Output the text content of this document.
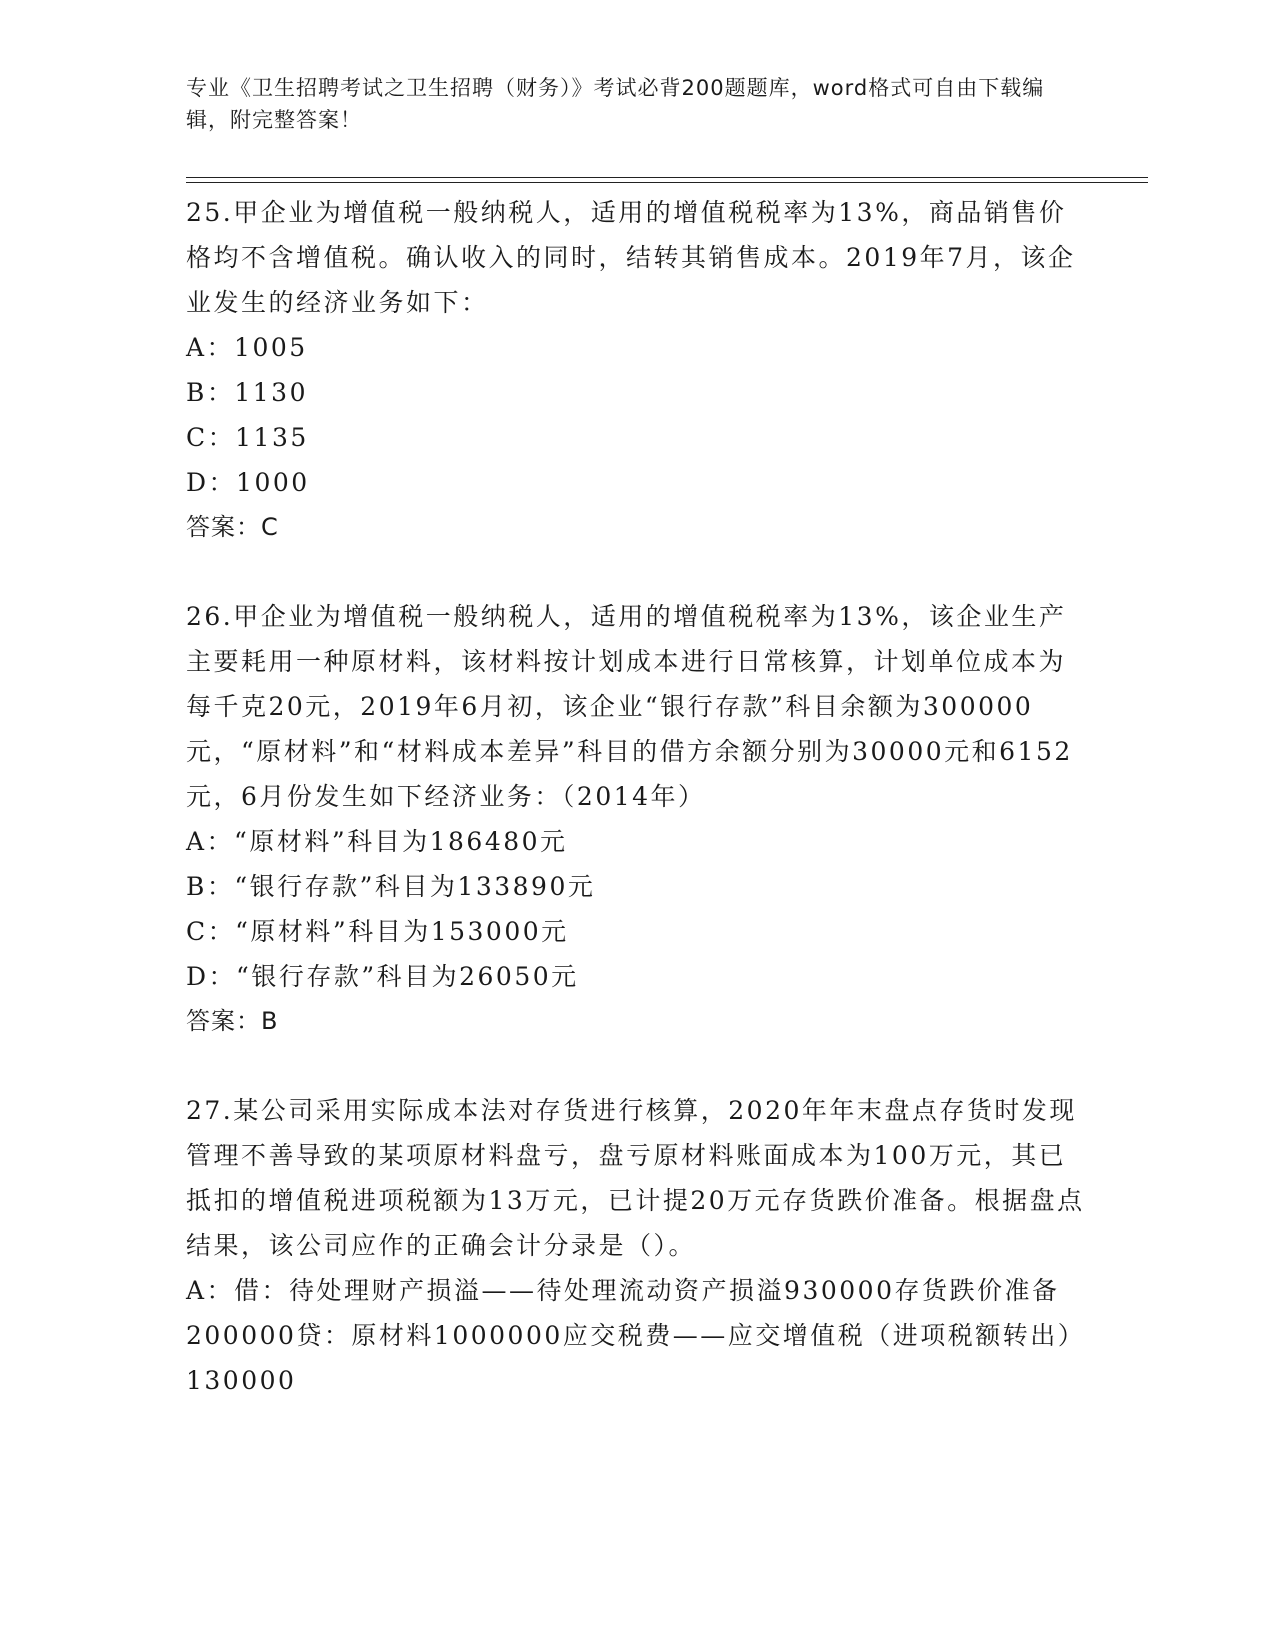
专业《卫生招聘考试之卫生招聘（财务）》考试必背200题题库，word格式可自由下载编辑，附完整答案！
25.甲企业为增值税一般纳税人，适用的增值税税率为13%，商品销售价格均不含增值税。确认收入的同时，结转其销售成本。2019年7月，该企业发生的经济业务如下：
A：1005
B：1130
C：1135
D：1000
答案：C
26.甲企业为增值税一般纳税人，适用的增值税税率为13%，该企业生产主要耗用一种原材料，该材料按计划成本进行日常核算，计划单位成本为每千克20元，2019年6月初，该企业“银行存款”科目余额为300000元，“原材料”和“材料成本差异”科目的借方余额分别为30000元和6152元，6月份发生如下经济业务：（2014年）
A：“原材料”科目为186480元
B：“银行存款”科目为133890元
C：“原材料”科目为153000元
D：“银行存款”科目为26050元
答案：B
27.某公司采用实际成本法对存货进行核算，2020年年末盘点存货时发现管理不善导致的某项原材料盘亏，盘亏原材料账面成本为100万元，其已抵扣的增值税进项税额为13万元，已计提20万元存货跌价准备。根据盘点结果，该公司应作的正确会计分录是（）。
A：借：待处理财产损溢——待处理流动资产损溢930000存货跌价准备200000贷：原材料1000000应交税费——应交增值税（进项税额转出）130000
